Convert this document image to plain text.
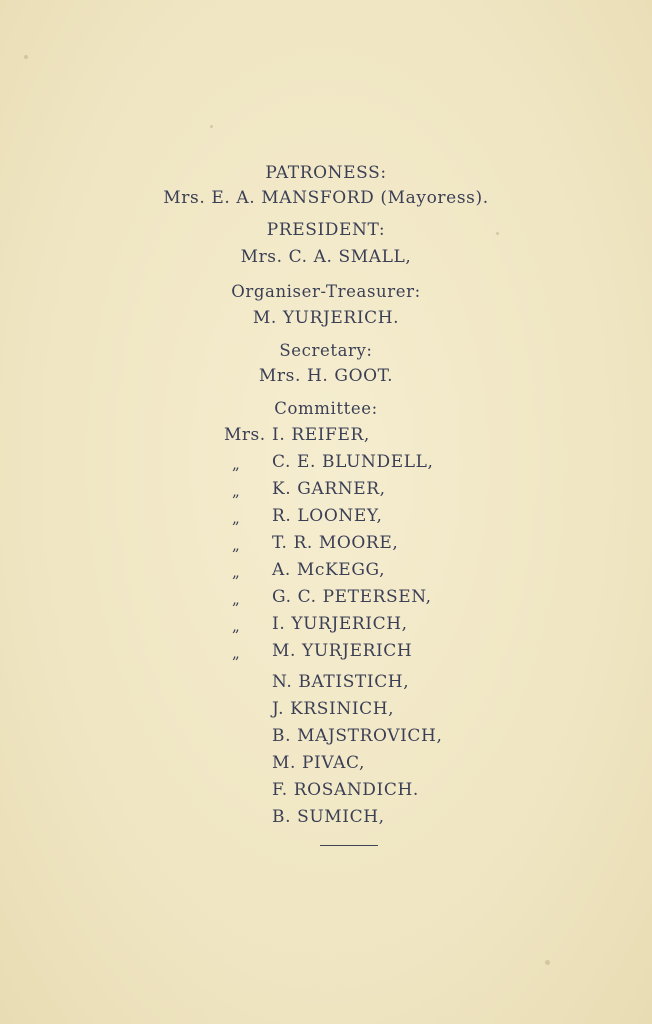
PATRONESS:
Mrs. E. A. MANSFORD (Mayoress).
PRESIDENT:
Mrs. C. A. SMALL,
Organiser-Treasurer:
M. YURJERICH.
Secretary:
Mrs. H. GOOT.
Committee:
Mrs.
„
„
„
„
„
„
„
„
I. REIFER,
C. E. BLUNDELL,
K. GARNER,
R. LOONEY,
T. R. MOORE,
A. McKEGG,
G. C. PETERSEN,
I. YURJERICH,
M. YURJERICH
N. BATISTICH,
J. KRSINICH,
B. MAJSTROVICH,
M. PIVAC,
F. ROSANDICH.
B. SUMICH,
